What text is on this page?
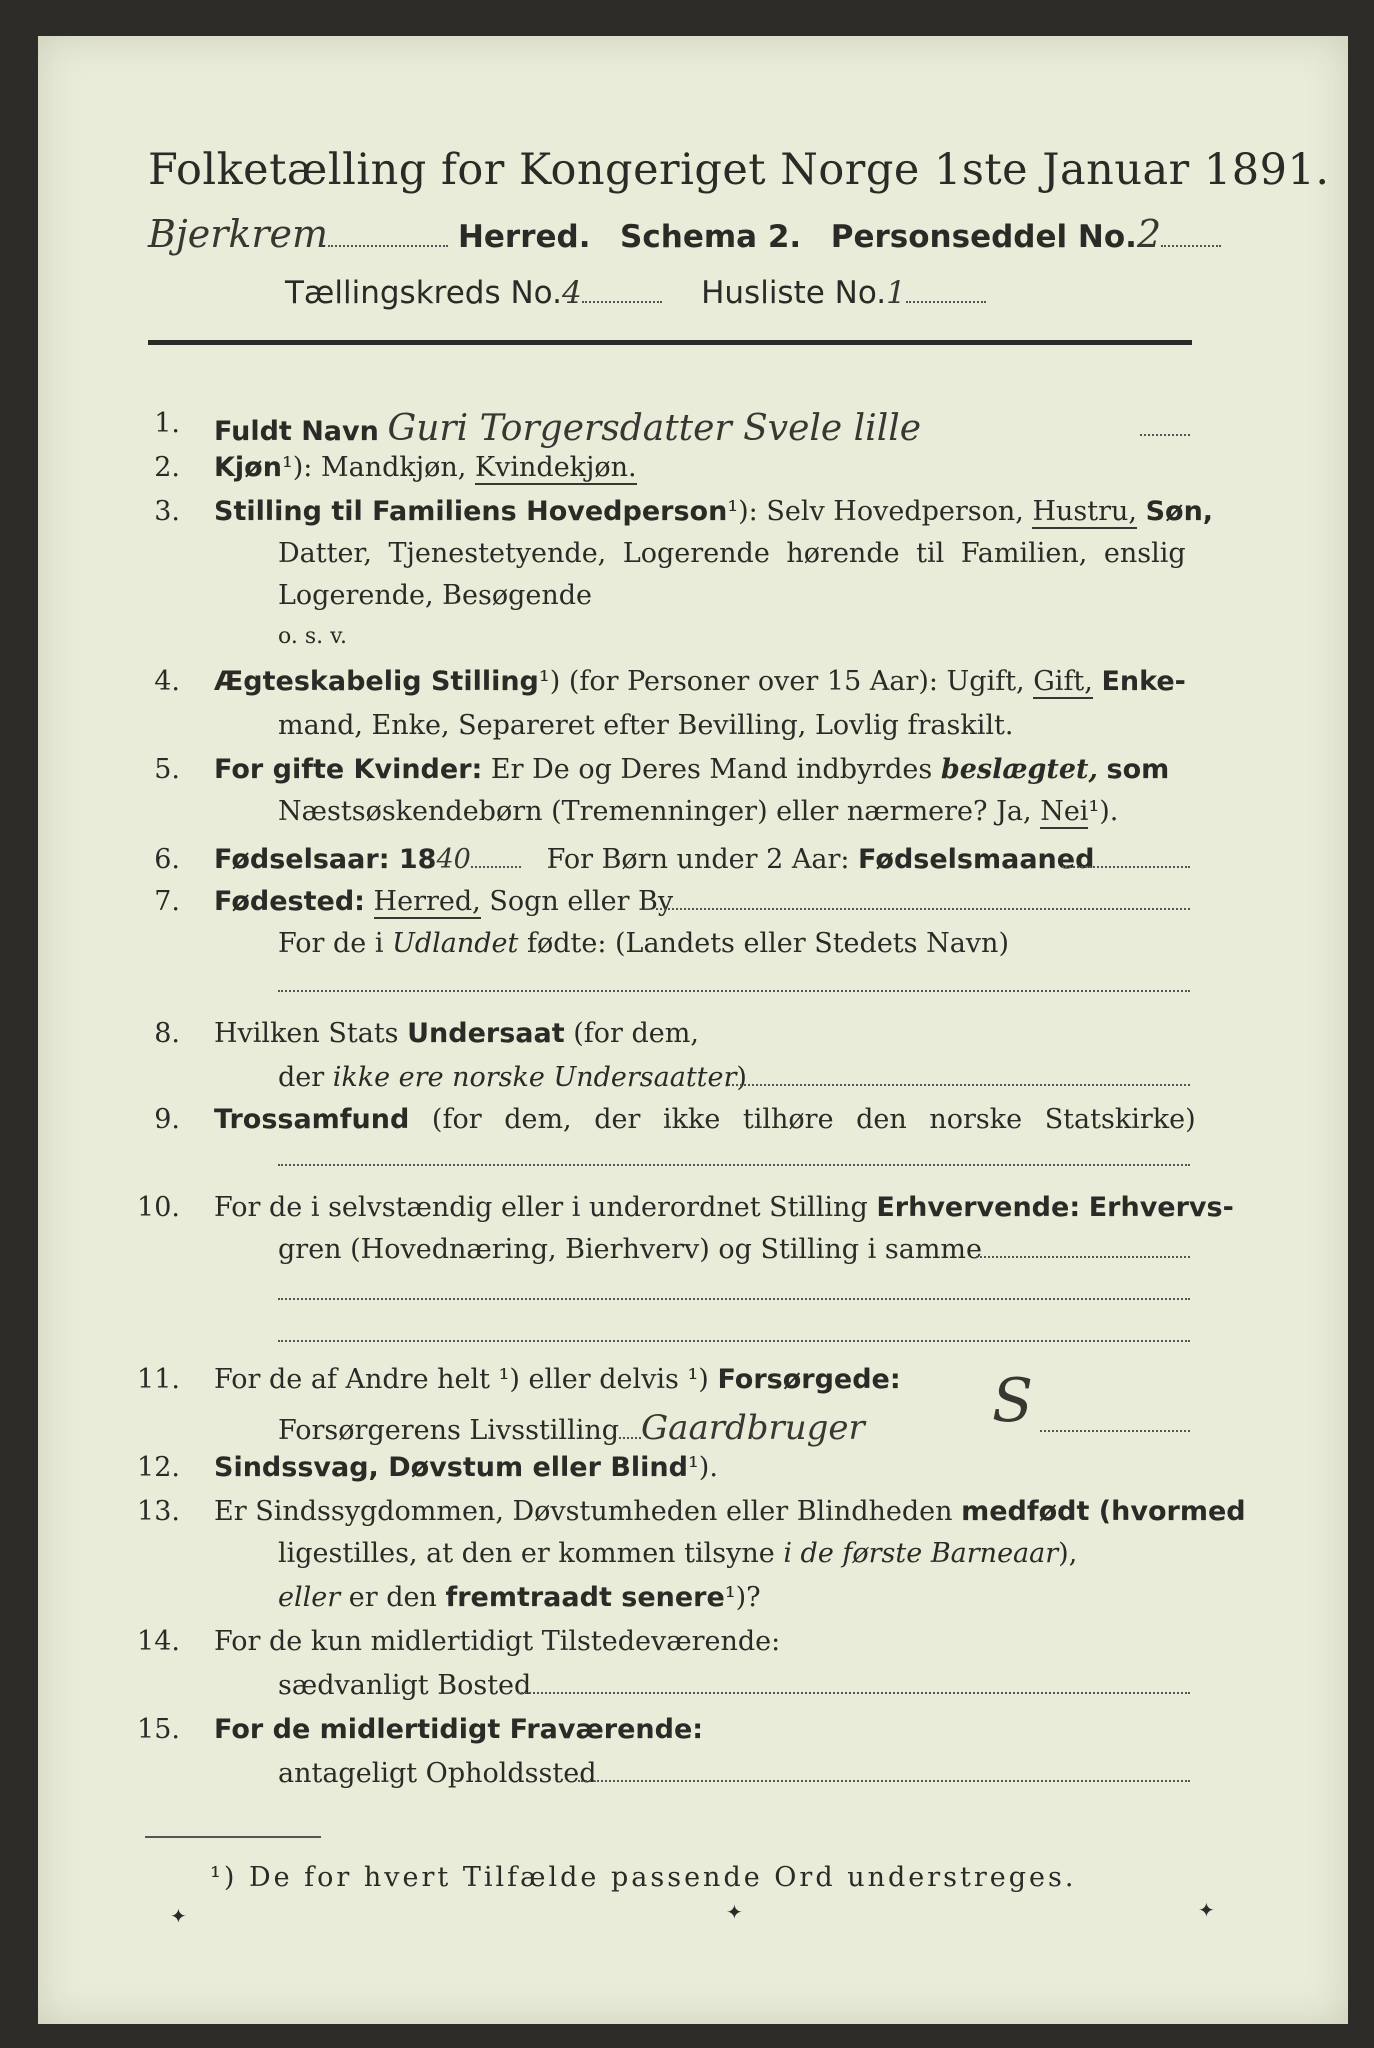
Folketælling for Kongeriget Norge 1ste Januar 1891.
Bjerkrem	Herred. Schema 2. Personseddel No.2
Tællingskreds No.4	Husliste No.1
1. Fuldt Navn Guri Torgersdatter Svele lille
2. Kjøn¹): Mandkjøn, Kvindekjøn.
3. Stilling til Familiens Hovedperson¹): Selv Hovedperson, Hustru, Søn,
Datter, Tjenestetyende, Logerende hørende til Familien, enslig
Logerende, Besøgende
o. s. v.
4. Ægteskabelig Stilling¹) (for Personer over 15 Aar): Ugift, Gift, Enke-
mand, Enke, Separeret efter Bevilling, Lovlig fraskilt.
5. For gifte Kvinder: Er De og Deres Mand indbyrdes beslægtet, som
Næstsøskendebørn (Tremenninger) eller nærmere? Ja, Nei¹).
6. Fødselsaar: 1840	For Børn under 2 Aar: Fødselsmaaned
7. Fødested: Herred, Sogn eller By
For de i Udlandet fødte: (Landets eller Stedets Navn)
8. Hvilken Stats Undersaat (for dem,
der ikke ere norske Undersaatter)
9. Trossamfund (for dem, der ikke tilhøre den norske Statskirke)
10. For de i selvstændig eller i underordnet Stilling Erhvervende: Erhvervs-
gren (Hovednæring, Bierhverv) og Stilling i samme
11. For de af Andre helt ¹) eller delvis ¹) Forsørgede:
Forsørgerens Livsstilling Gaardbruger S
12. Sindssvag, Døvstum eller Blind¹).
13. Er Sindssygdommen, Døvstumheden eller Blindheden medfødt (hvormed
ligestilles, at den er kommen tilsyne i de første Barneaar),
eller er den fremtraadt senere¹)?
14. For de kun midlertidigt Tilstedeværende:
sædvanligt Bosted
15. For de midlertidigt Fraværende:
antageligt Opholdssted
¹) De for hvert Tilfælde passende Ord understreges.
✦	✦	✦
